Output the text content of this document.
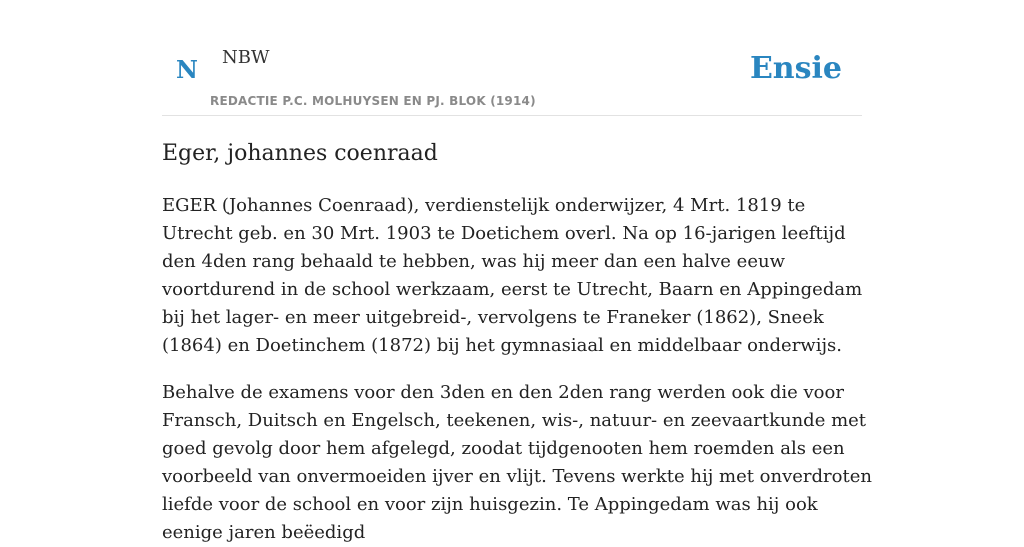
N NBW
REDACTIE P.C. MOLHUYSEN EN PJ. BLOK (1914)
Ensie
Eger, johannes coenraad

EGER (Johannes Coenraad), verdienstelijk onderwijzer, 4 Mrt. 1819 te Utrecht geb. en 30 Mrt. 1903 te Doetichem overl. Na op 16-jarigen leeftijd den 4den rang behaald te hebben, was hij meer dan een halve eeuw voortdurend in de school werkzaam, eerst te Utrecht, Baarn en Appingedam bij het lager- en meer uitgebreid-, vervolgens te Franeker (1862), Sneek (1864) en Doetinchem (1872) bij het gymnasiaal en middelbaar onderwijs.

Behalve de examens voor den 3den en den 2den rang werden ook die voor Fransch, Duitsch en Engelsch, teekenen, wis-, natuur- en zeevaartkunde met goed gevolg door hem afgelegd, zoodat tijdgenooten hem roemden als een voorbeeld van onvermoeiden ijver en vlijt. Tevens werkte hij met onverdroten liefde voor de school en voor zijn huisgezin. Te Appingedam was hij ook eenige jaren beëedigd
